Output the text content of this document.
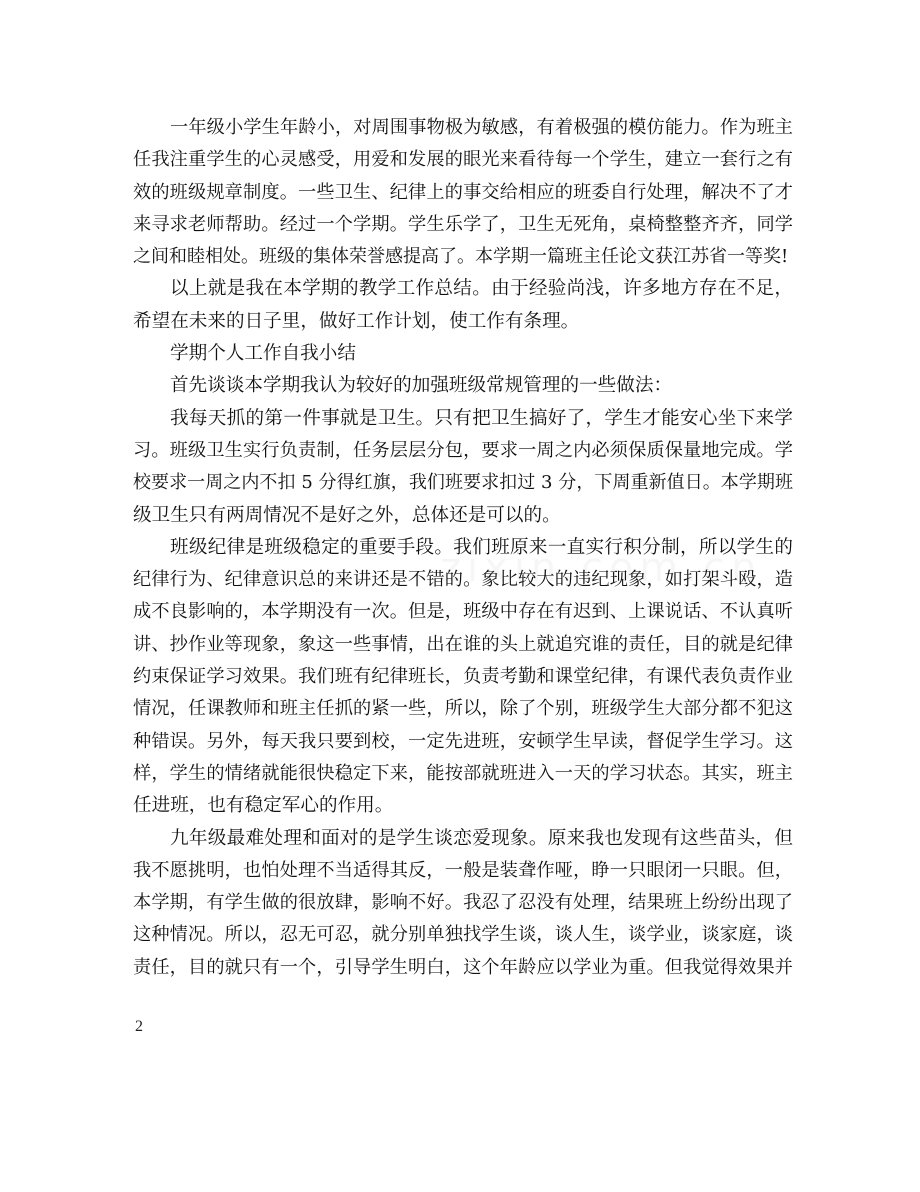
一年级小学生年龄小，对周围事物极为敏感，有着极强的模仿能力。作为班主
任我注重学生的心灵感受，用爱和发展的眼光来看待每一个学生，建立一套行之有
效的班级规章制度。一些卫生、纪律上的事交给相应的班委自行处理，解决不了才
来寻求老师帮助。经过一个学期。学生乐学了，卫生无死角，桌椅整整齐齐，同学
之间和睦相处。班级的集体荣誉感提高了。本学期一篇班主任论文获江苏省一等奖!
以上就是我在本学期的教学工作总结。由于经验尚浅，许多地方存在不足，
希望在未来的日子里，做好工作计划，使工作有条理。
学期个人工作自我小结
首先谈谈本学期我认为较好的加强班级常规管理的一些做法：
我每天抓的第一件事就是卫生。只有把卫生搞好了，学生才能安心坐下来学
习。班级卫生实行负责制，任务层层分包，要求一周之内必须保质保量地完成。学
校要求一周之内不扣 5 分得红旗，我们班要求扣过 3 分，下周重新值日。本学期班
级卫生只有两周情况不是好之外，总体还是可以的。
班级纪律是班级稳定的重要手段。我们班原来一直实行积分制，所以学生的
纪律行为、纪律意识总的来讲还是不错的。象比较大的违纪现象，如打架斗殴，造
成不良影响的，本学期没有一次。但是，班级中存在有迟到、上课说话、不认真听
讲、抄作业等现象，象这一些事情，出在谁的头上就追究谁的责任，目的就是纪律
约束保证学习效果。我们班有纪律班长，负责考勤和课堂纪律，有课代表负责作业
情况，任课教师和班主任抓的紧一些，所以，除了个别，班级学生大部分都不犯这
种错误。另外，每天我只要到校，一定先进班，安顿学生早读，督促学生学习。这
样，学生的情绪就能很快稳定下来，能按部就班进入一天的学习状态。其实，班主
任进班，也有稳定军心的作用。
九年级最难处理和面对的是学生谈恋爱现象。原来我也发现有这些苗头，但
我不愿挑明，也怕处理不当适得其反，一般是装聋作哑，睁一只眼闭一只眼。但，
本学期，有学生做的很放肆，影响不好。我忍了忍没有处理，结果班上纷纷出现了
这种情况。所以，忍无可忍，就分别单独找学生谈，谈人生，谈学业，谈家庭，谈
责任，目的就只有一个，引导学生明白，这个年龄应以学业为重。但我觉得效果并
2
